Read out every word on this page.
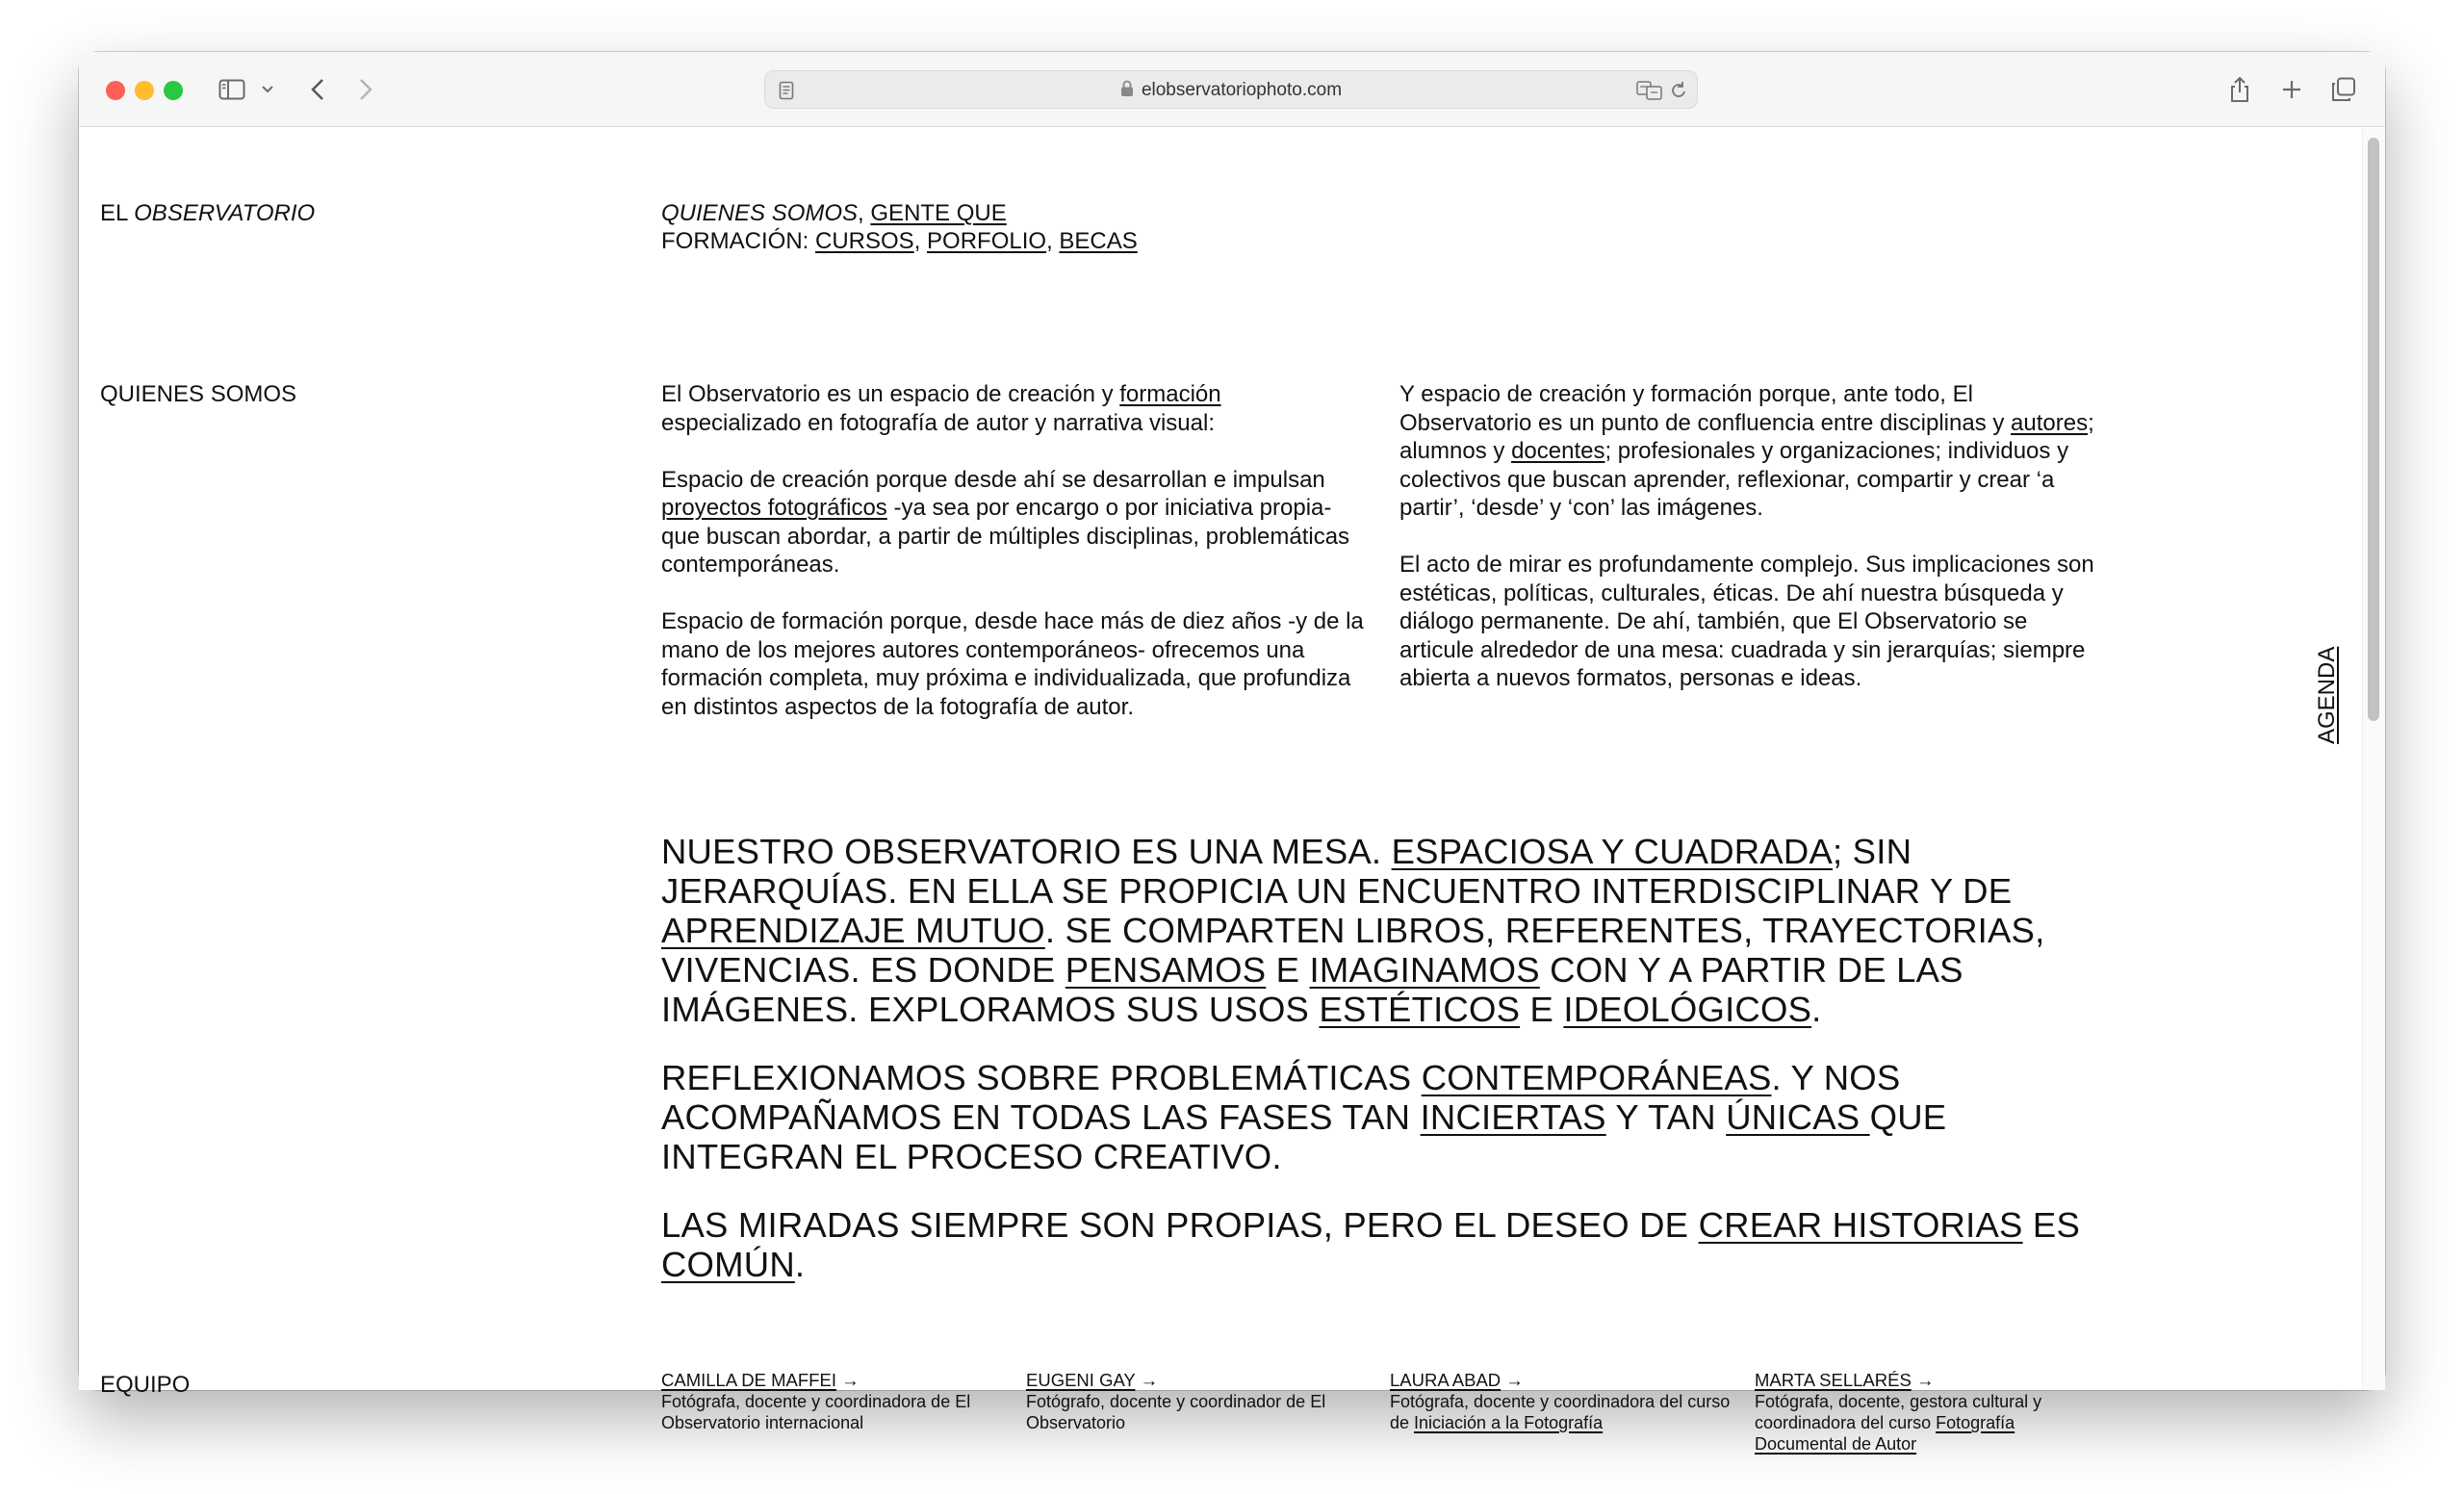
elobservatoriophoto.com
EL OBSERVATORIO	QUIENES SOMOS, GENTE QUE
FORMACIÓN: CURSOS, PORFOLIO, BECAS
QUIENES SOMOS	El Observatorio es un espacio de creación y formación especializado en fotografía de autor y narrativa visual:

Espacio de creación porque desde ahí se desarrollan e impulsan proyectos fotográficos -ya sea por encargo o por iniciativa propia- que buscan abordar, a partir de múltiples disciplinas, problemáticas contemporáneas.

Espacio de formación porque, desde hace más de diez años -y de la mano de los mejores autores contemporáneos- ofrecemos una formación completa, muy próxima e individualizada, que profundiza en distintos aspectos de la fotografía de autor.

Y espacio de creación y formación porque, ante todo, El Observatorio es un punto de confluencia entre disciplinas y autores; alumnos y docentes; profesionales y organizaciones; individuos y colectivos que buscan aprender, reflexionar, compartir y crear ‘a partir’, ‘desde’ y ‘con’ las imágenes.

El acto de mirar es profundamente complejo. Sus implicaciones son estéticas, políticas, culturales, éticas. De ahí nuestra búsqueda y diálogo permanente. De ahí, también, que El Observatorio se articule alrededor de una mesa: cuadrada y sin jerarquías; siempre abierta a nuevos formatos, personas e ideas.

NUESTRO OBSERVATORIO ES UNA MESA. ESPACIOSA Y CUADRADA; SIN JERARQUÍAS. EN ELLA SE PROPICIA UN ENCUENTRO INTERDISCIPLINAR Y DE APRENDIZAJE MUTUO. SE COMPARTEN LIBROS, REFERENTES, TRAYECTORIAS, VIVENCIAS. ES DONDE PENSAMOS E IMAGINAMOS CON Y A PARTIR DE LAS IMÁGENES. EXPLORAMOS SUS USOS ESTÉTICOS E IDEOLÓGICOS.

REFLEXIONAMOS SOBRE PROBLEMÁTICAS CONTEMPORÁNEAS. Y NOS ACOMPAÑAMOS EN TODAS LAS FASES TAN INCIERTAS Y TAN ÚNICAS QUE INTEGRAN EL PROCESO CREATIVO.

LAS MIRADAS SIEMPRE SON PROPIAS, PERO EL DESEO DE CREAR HISTORIAS ES COMÚN.

EQUIPO	CAMILLA DE MAFFEI →
Fotógrafa, docente y coordinadora de El Observatorio internacional
EUGENI GAY →
Fotógrafo, docente y coordinador de El Observatorio
LAURA ABAD →
Fotógrafa, docente y coordinadora del curso de Iniciación a la Fotografía
MARTA SELLARÉS →
Fotógrafa, docente, gestora cultural y coordinadora del curso Fotografía Documental de Autor
AGENDA
